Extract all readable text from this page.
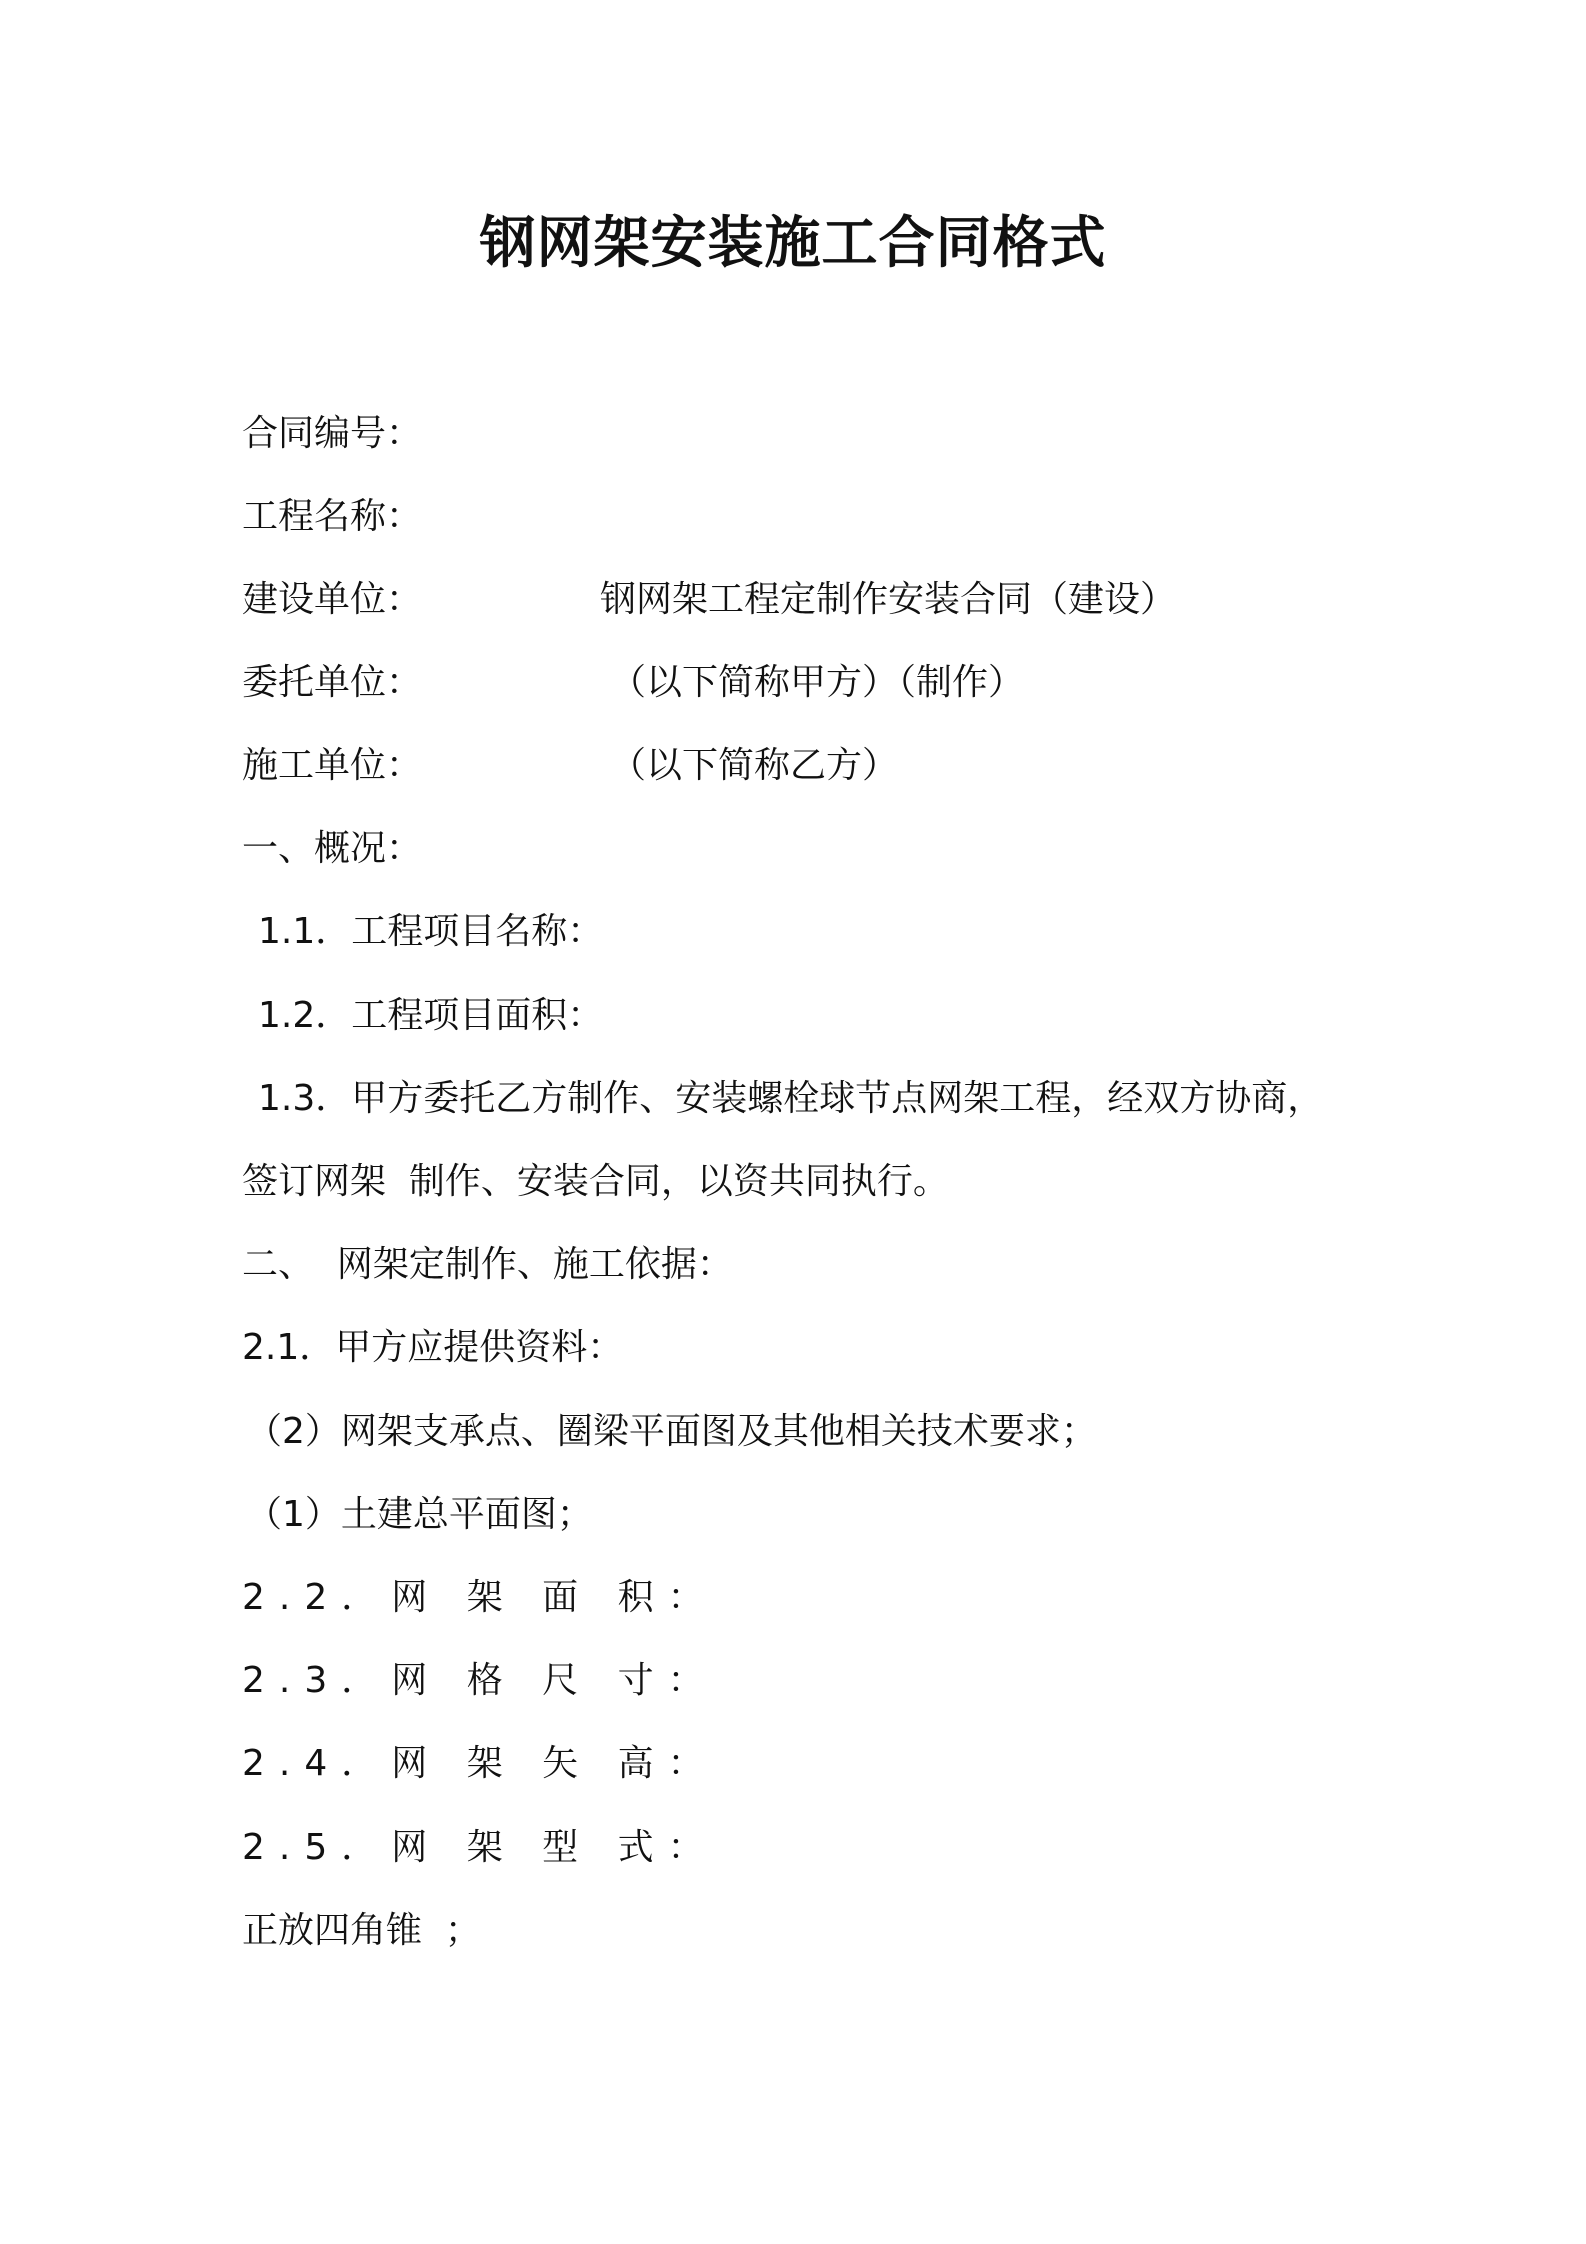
钢网架安装施工合同格式

合同编号：

工程名称：

建设单位：	钢网架工程定制作安装合同（建设）

委托单位：	（以下简称甲方）（制作）

施工单位：	（以下简称乙方）

一、概况：

1.1．工程项目名称：

1.2．工程项目面积：

1.3．甲方委托乙方制作、安装螺栓球节点网架工程，经双方协商，

签订网架  制作、安装合同，以资共同执行。

二、  网架定制作、施工依据：

2.1．甲方应提供资料：

（2）网架支承点、圈梁平面图及其他相关技术要求；

（1）土建总平面图；

2.2．网 架 面 积：

2.3．网 格 尺 寸：

2.4．网 架 矢 高：

2.5．网 架 型 式：

正放四角锥  ；
